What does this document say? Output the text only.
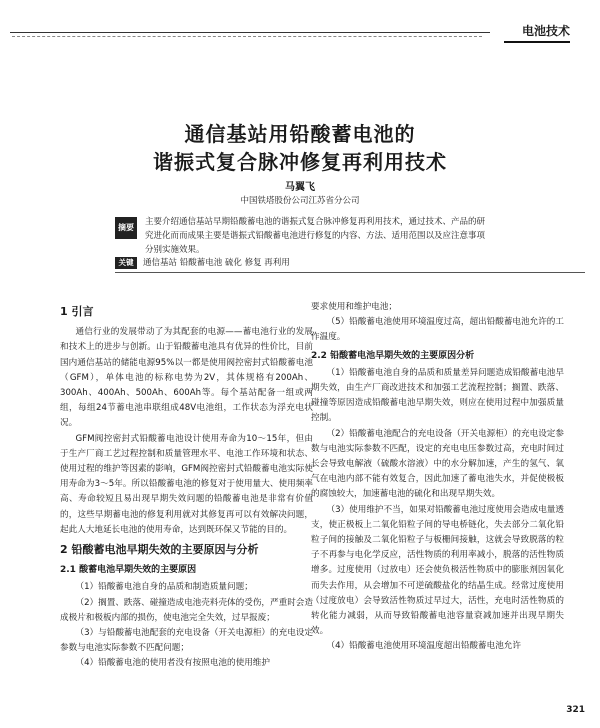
电池技术
通信基站用铅酸蓄电池的
谐振式复合脉冲修复再利用技术
马翼飞
中国铁塔股份公司江苏省分公司
摘要
主要介绍通信基站早期铅酸蓄电池的谐振式复合脉冲修复再利用技术，通过技术、产品的研究进化而而成果主要是谐振式铅酸蓄电池进行修复的内容、方法、适用范围以及应注意事项分别实施效果。
关键词
通信基站 铅酸蓄电池 硫化 修复 再利用
1 引言

通信行业的发展带动了为其配套的电源——蓄电池行业的发展和技术上的进步与创新。山于铅酸蓄电池具有优异的性价比，目前国内通信基站的储能电源95%以一都是使用阀控密封式铅酸蓄电池（GFM），单体电池的标称电势为2V，其体规格有200Ah、300Ah、400Ah、500Ah、600Ah等。每个基站配备一组或两组，每组24节蓄电池串联组成48V电池组，工作状态为浮充电状况。

GFM阀控密封式铅酸蓄电池设计使用寿命为10～15年，但由于生产厂商工艺过程控制和质量管理水平、电池工作环境和状态、使用过程的维护等因素的影响，GFM阀控密封式铅酸蓄电池实际使用寿命为3～5年。所以铅酸蓄电池的修复对于使用量大、使用频率高、寿命较短且易出现早期失效问题的铅酸蓄电池是非常有价值的，这些早期蓄电池的修复利用就对其修复再可以有效解决问题，起此人大地延长电池的使用寿命，达到既环保又节能的目的。

2 铅酸蓄电池早期失效的主要原因与分析
2.1 酸蓄电池早期失效的主要原因

（1）铅酸蓄电池自身的品质和制造质量问题；

（2）搁置、跌落、碰撞造成电池壳料壳体的受伤，严重时会造成极片和极板内部的损伤，使电池完全失效，过早报废；

（3）与铅酸蓄电池配套的充电设备（开关电源柜）的充电设定参数与电池实际参数不匹配问题；

（4）铅酸蓄电池的使用者没有按照电池的使用维护

要求使用和维护电池；

（5）铅酸蓄电池使用环境温度过高，超出铅酸蓄电池允许的工作温度。

2.2 铅酸蓄电池早期失效的主要原因分析

（1）铅酸蓄电池自身的品质和质量差异问题造成铅酸蓄电池早期失效，由生产厂商改进技术和加强工艺流程控制；搁置、跌落、碰撞等原因造成铅酸蓄电池早期失效，则应在使用过程中加强质量控制。

（2）铅酸蓄电池配合的充电设备（开关电源柜）的充电设定参数与电池实际参数不匹配，设定的充电电压参数过高，充电时间过长会导致电解液（硫酸水溶液）中的水分解加速，产生的氢气、氧气在电池内部不能有效复合，因此加速了蓄电池失水，并促使极板的腐蚀较大，加速蓄电池的硫化和出现早期失效。

（3）使用维护不当，如果对铅酸蓄电池过度使用会造成电量透支，使正极板上二氧化铅粒子间的导电桥链化，失去部分二氧化铅粒子间的接触及二氧化铅粒子与板栅间接触，这就会导致脱落的粒子不再参与电化学反应，活性物质的利用率减小，脱落的活性物质增多。过度使用（过放电）还会使负极活性物质中的膨胀剂因氧化而失去作用，从会增加不可逆硫酸盐化的结晶生成。经常过度使用（过度放电）会导致活性物质过早过大，活性，充电时活性物质的转化能力减弱，从而导致铅酸蓄电池容量衰减加速并出现早期失效。

（4）铅酸蓄电池使用环境温度超出铅酸蓄电池允许

321
